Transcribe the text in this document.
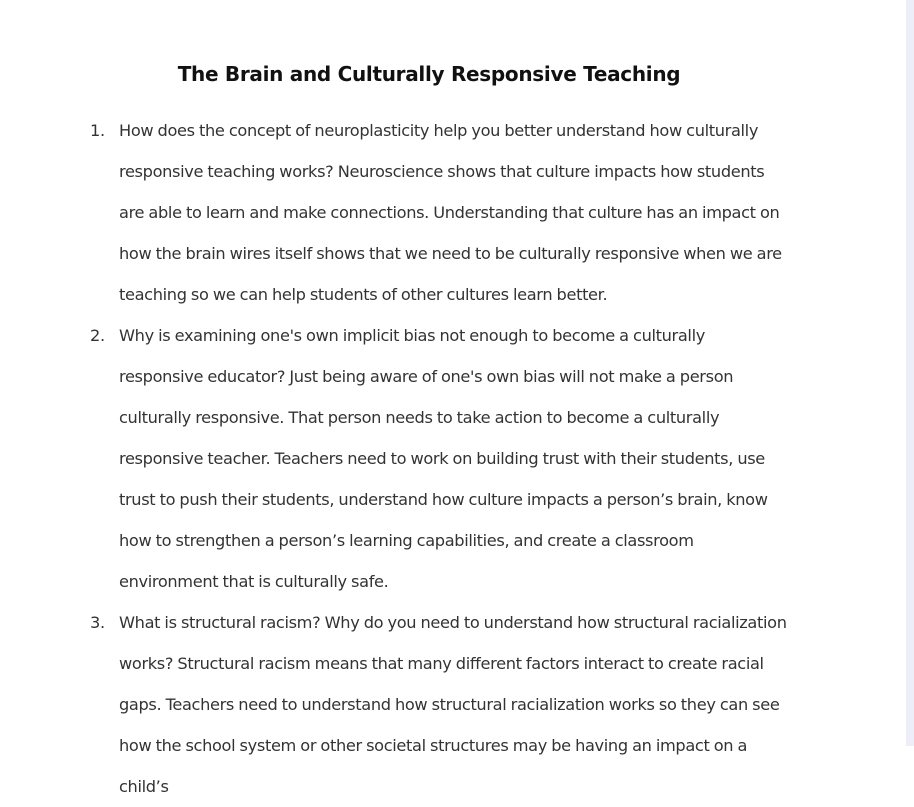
The Brain and Culturally Responsive Teaching
1. How does the concept of neuroplasticity help you better understand how culturally responsive teaching works? Neuroscience shows that culture impacts how students are able to learn and make connections. Understanding that culture has an impact on how the brain wires itself shows that we need to be culturally responsive when we are teaching so we can help students of other cultures learn better.
2. Why is examining one's own implicit bias not enough to become a culturally responsive educator? Just being aware of one's own bias will not make a person culturally responsive. That person needs to take action to become a culturally responsive teacher. Teachers need to work on building trust with their students, use trust to push their students, understand how culture impacts a person’s brain, know how to strengthen a person’s learning capabilities, and create a classroom environment that is culturally safe.
3. What is structural racism? Why do you need to understand how structural racialization works? Structural racism means that many different factors interact to create racial gaps. Teachers need to understand how structural racialization works so they can see how the school system or other societal structures may be having an impact on a child’s
